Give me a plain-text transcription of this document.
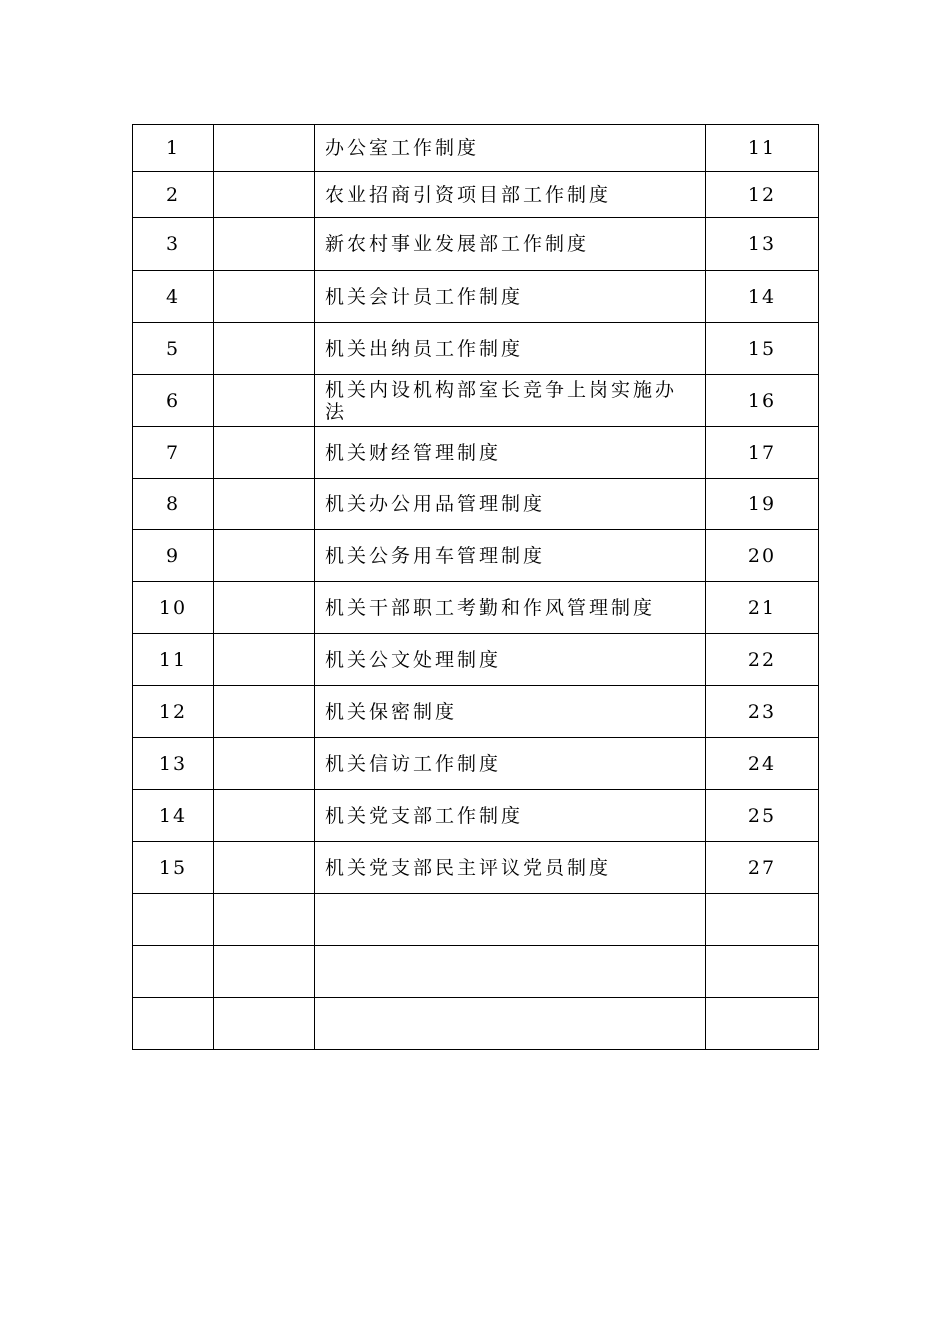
1		办公室工作制度	11
2		农业招商引资项目部工作制度	12
3		新农村事业发展部工作制度	13
4		机关会计员工作制度	14
5		机关出纳员工作制度	15
6		机关内设机构部室长竞争上岗实施办法	16
7		机关财经管理制度	17
8		机关办公用品管理制度	19
9		机关公务用车管理制度	20
10		机关干部职工考勤和作风管理制度	21
11		机关公文处理制度	22
12		机关保密制度	23
13		机关信访工作制度	24
14		机关党支部工作制度	25
15		机关党支部民主评议党员制度	27
